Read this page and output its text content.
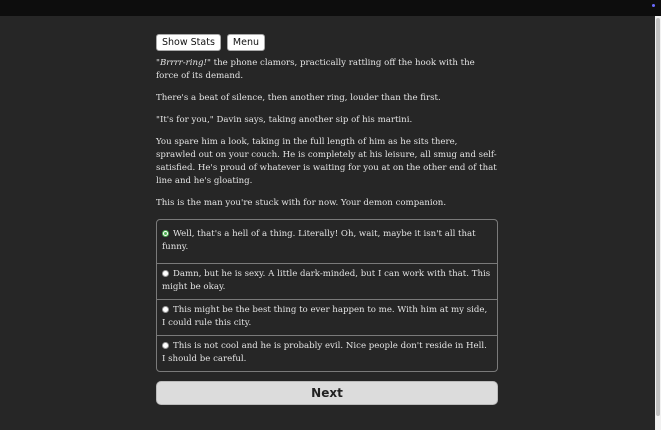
Show Stats	Menu

"Brrrr-ring!" the phone clamors, practically rattling off the hook with the force of its demand.

There's a beat of silence, then another ring, louder than the first.

"It's for you," Davin says, taking another sip of his martini.

You spare him a look, taking in the full length of him as he sits there, sprawled out on your couch. He is completely at his leisure, all smug and self-satisfied. He's proud of whatever is waiting for you at on the other end of that line and he's gloating.

This is the man you're stuck with for now. Your demon companion.

Well, that's a hell of a thing. Literally! Oh, wait, maybe it isn't all that funny.
Damn, but he is sexy. A little dark-minded, but I can work with that. This might be okay.
This might be the best thing to ever happen to me. With him at my side, I could rule this city.
This is not cool and he is probably evil. Nice people don't reside in Hell. I should be careful.
Next
